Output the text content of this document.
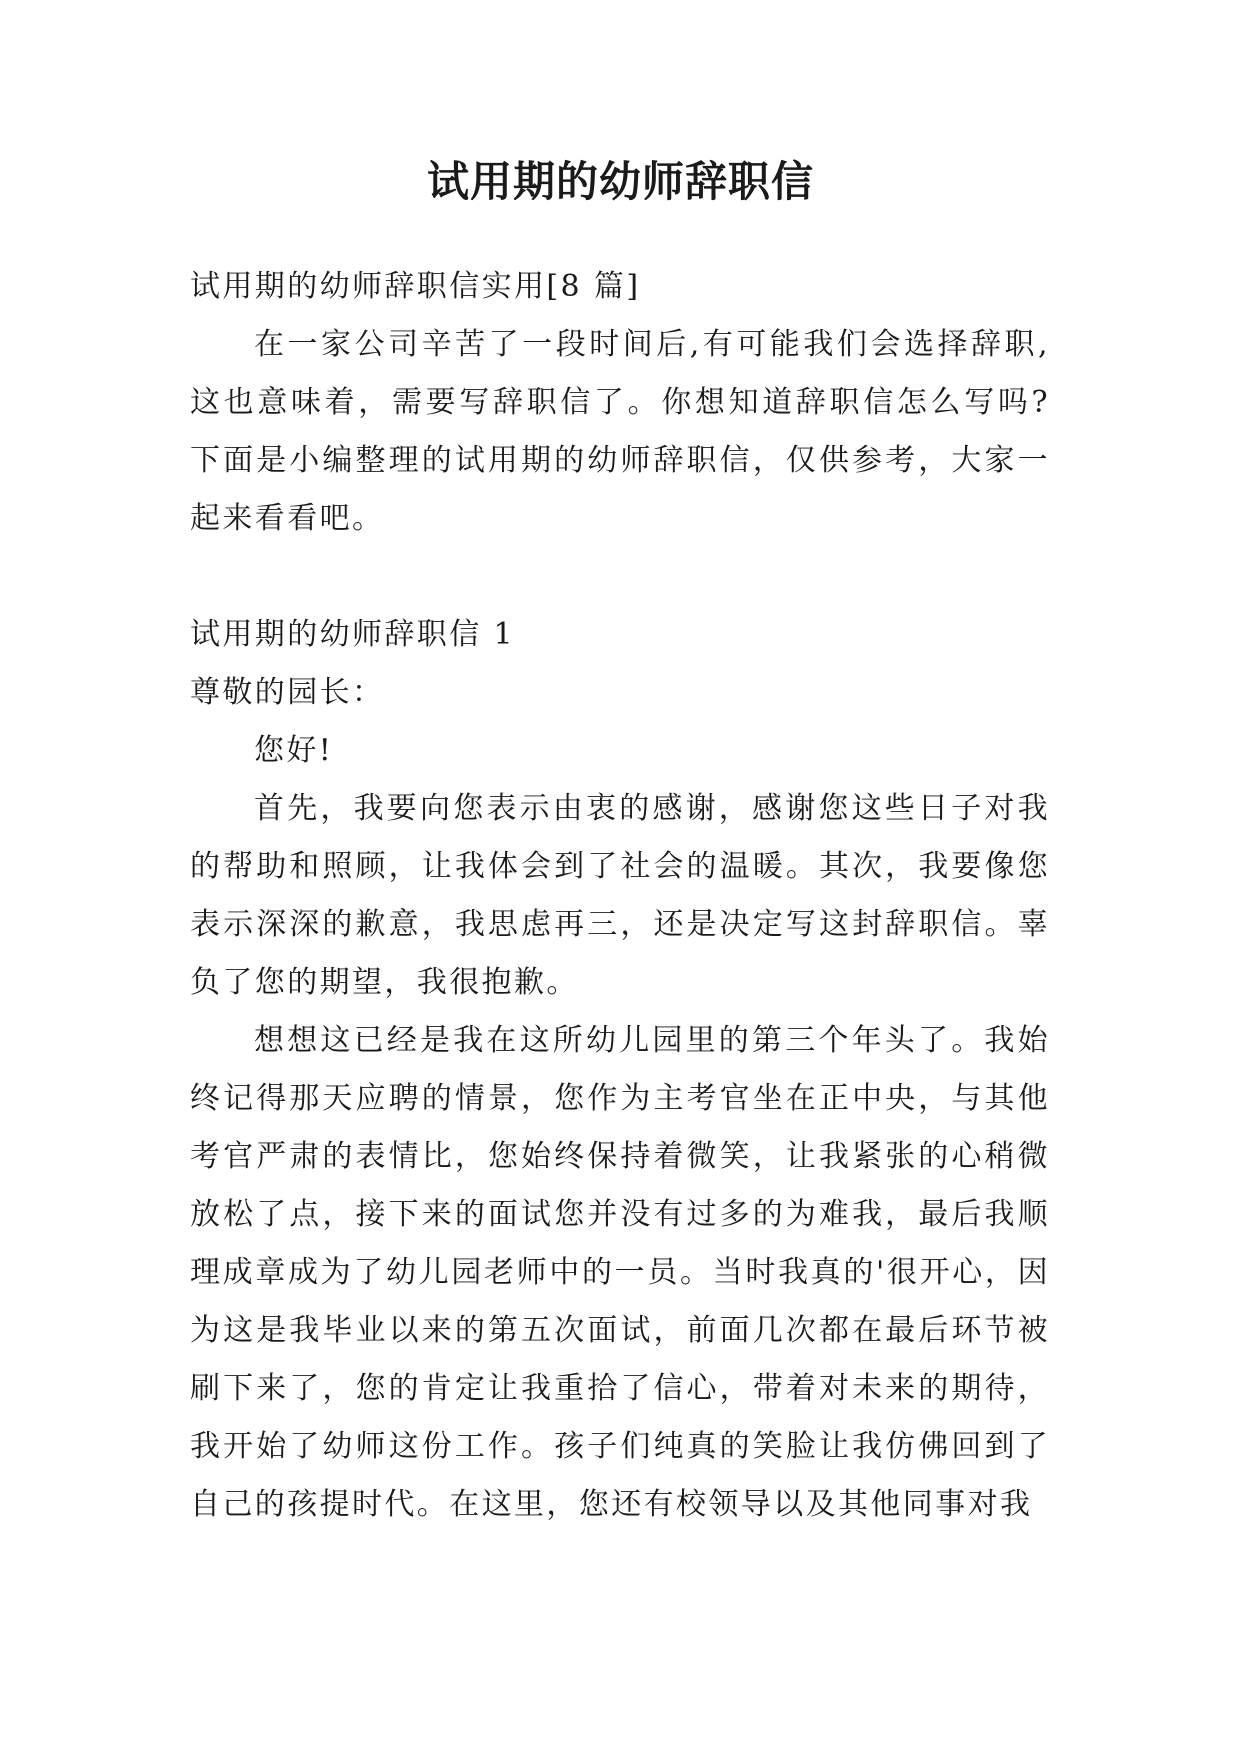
试用期的幼师辞职信

试用期的幼师辞职信实用[8 篇]

在一家公司辛苦了一段时间后,有可能我们会选择辞职,这也意味着，需要写辞职信了。你想知道辞职信怎么写吗?下面是小编整理的试用期的幼师辞职信，仅供参考，大家一起来看看吧。

试用期的幼师辞职信 1

尊敬的园长：

您好!

首先，我要向您表示由衷的感谢，感谢您这些日子对我的帮助和照顾，让我体会到了社会的温暖。其次，我要像您表示深深的歉意，我思虑再三，还是决定写这封辞职信。辜负了您的期望，我很抱歉。

想想这已经是我在这所幼儿园里的第三个年头了。我始终记得那天应聘的情景，您作为主考官坐在正中央，与其他考官严肃的表情比，您始终保持着微笑，让我紧张的心稍微放松了点，接下来的面试您并没有过多的为难我，最后我顺理成章成为了幼儿园老师中的一员。当时我真的'很开心，因为这是我毕业以来的第五次面试，前面几次都在最后环节被刷下来了，您的肯定让我重拾了信心，带着对未来的期待，我开始了幼师这份工作。孩子们纯真的笑脸让我仿佛回到了自己的孩提时代。在这里，您还有校领导以及其他同事对我
